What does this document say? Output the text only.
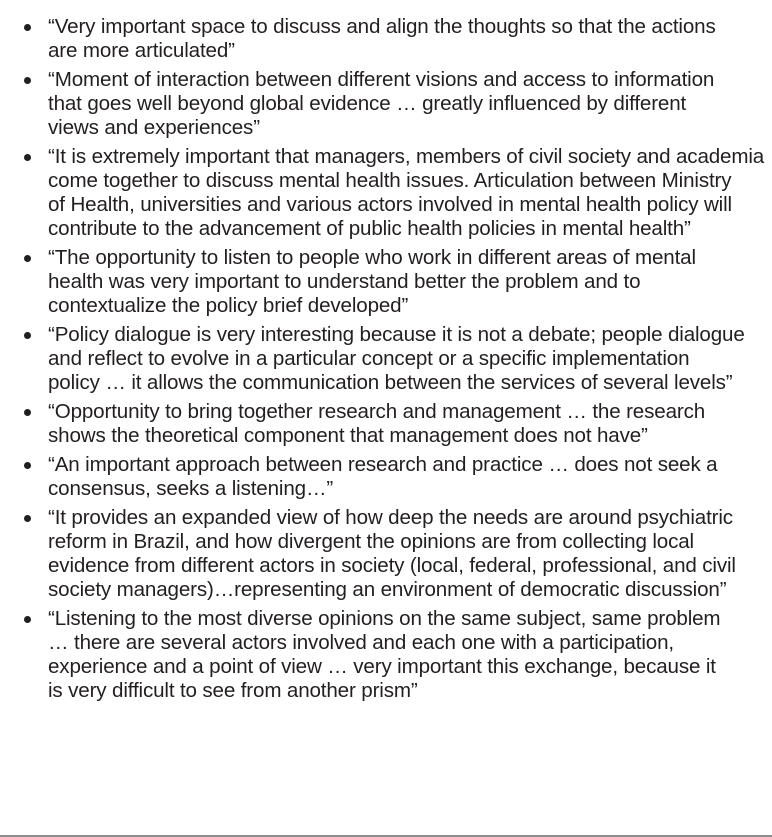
“Very important space to discuss and align the thoughts so that the actions
are more articulated”
“Moment of interaction between different visions and access to information
that goes well beyond global evidence … greatly influenced by different
views and experiences”
“It is extremely important that managers, members of civil society and academia
come together to discuss mental health issues. Articulation between Ministry
of Health, universities and various actors involved in mental health policy will
contribute to the advancement of public health policies in mental health”
“The opportunity to listen to people who work in different areas of mental
health was very important to understand better the problem and to
contextualize the policy brief developed”
“Policy dialogue is very interesting because it is not a debate; people dialogue
and reflect to evolve in a particular concept or a specific implementation
policy … it allows the communication between the services of several levels”
“Opportunity to bring together research and management … the research
shows the theoretical component that management does not have”
“An important approach between research and practice … does not seek a
consensus, seeks a listening…”
“It provides an expanded view of how deep the needs are around psychiatric
reform in Brazil, and how divergent the opinions are from collecting local
evidence from different actors in society (local, federal, professional, and civil
society managers)…representing an environment of democratic discussion”
“Listening to the most diverse opinions on the same subject, same problem
… there are several actors involved and each one with a participation,
experience and a point of view … very important this exchange, because it
is very difficult to see from another prism”
